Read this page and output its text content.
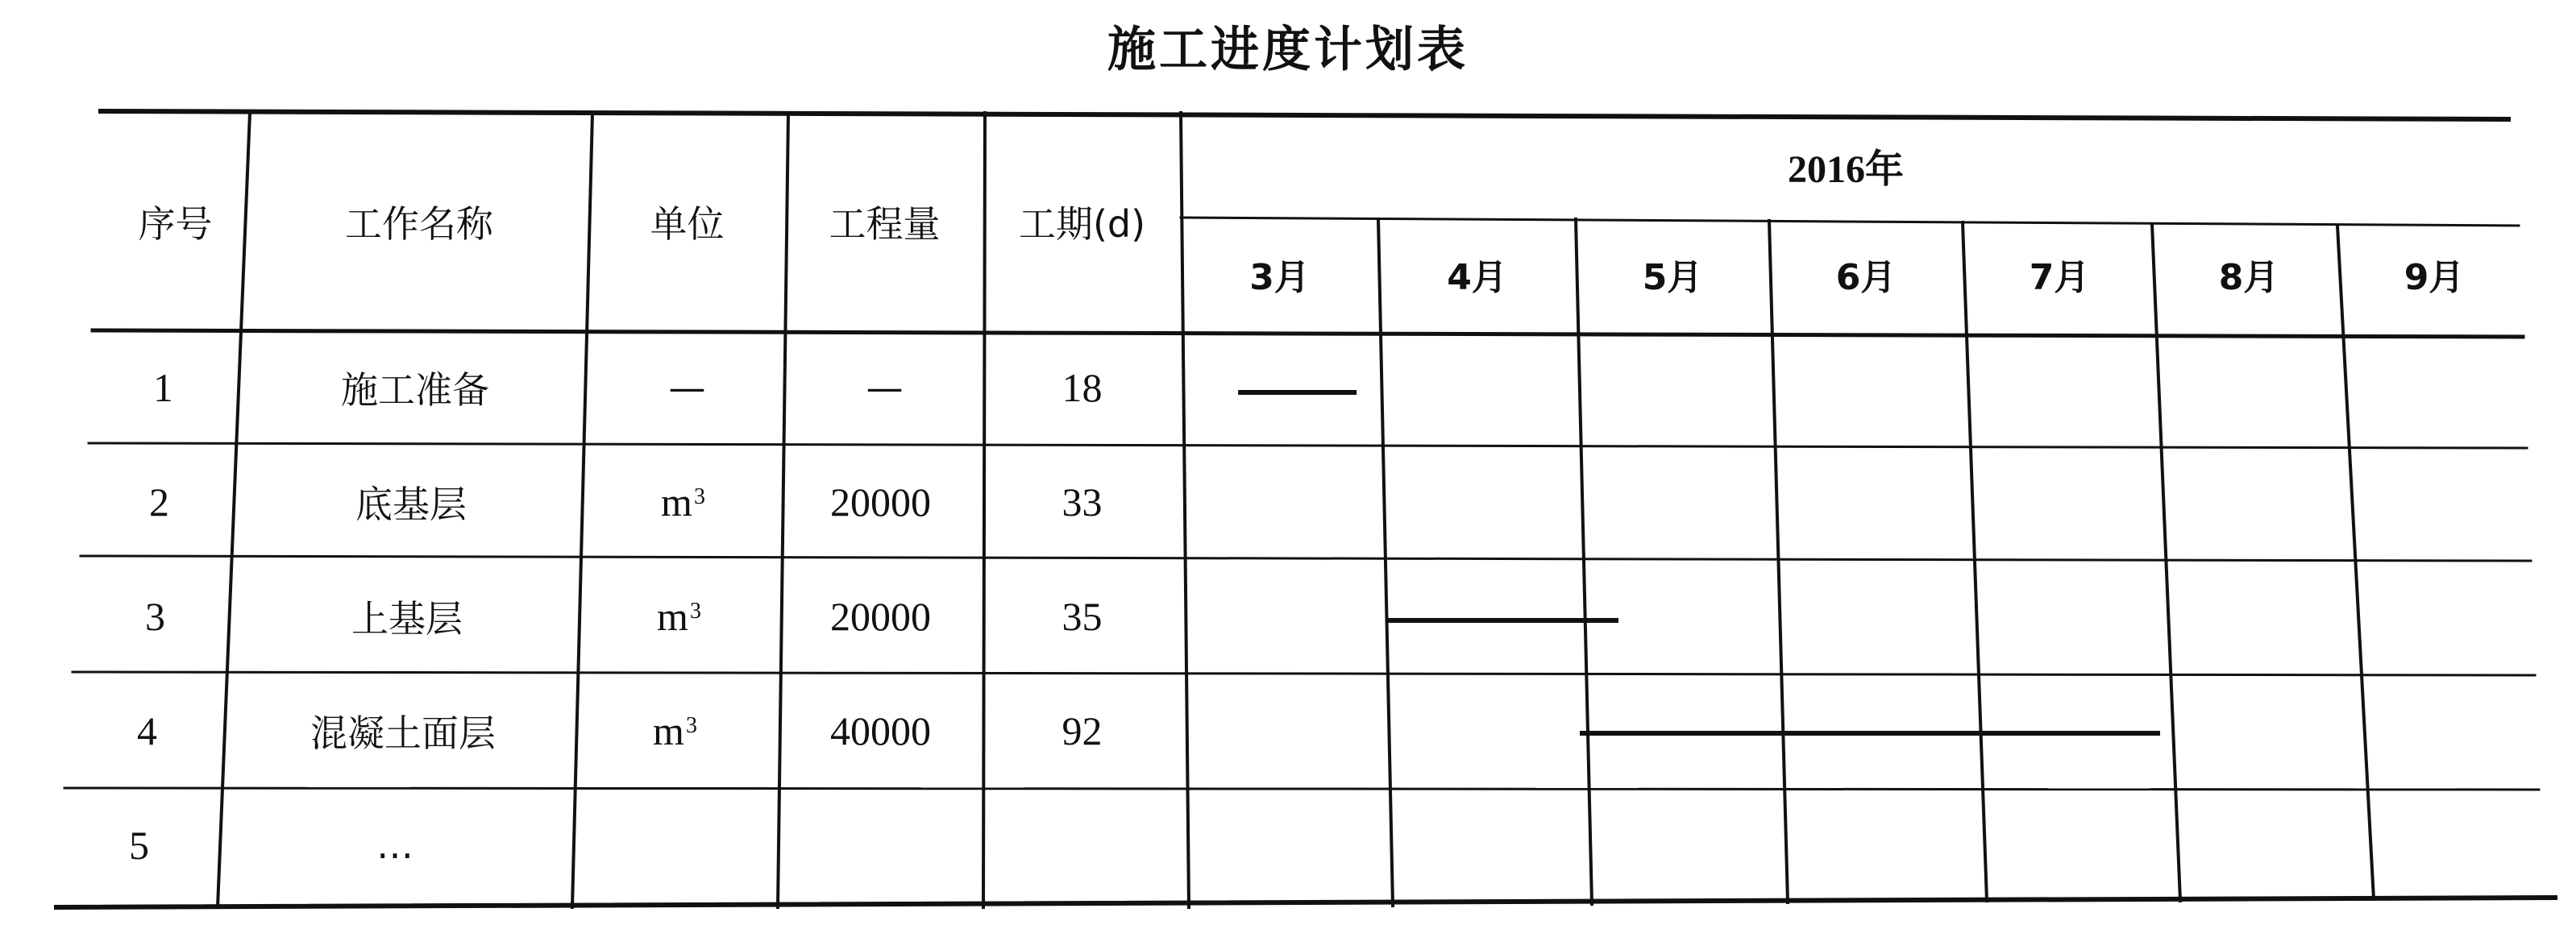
施工进度计划表
序号	工作名称	单位	工程量	工期(d)
2016年
3月	4月	5月	6月	7月	8月	9月
1	施工准备	—	—	18
2	底基层	$m^3$	20000	33
3	上基层	$m^3$	20000	35
4	混凝土面层	$m^3$	40000	92
5	…
